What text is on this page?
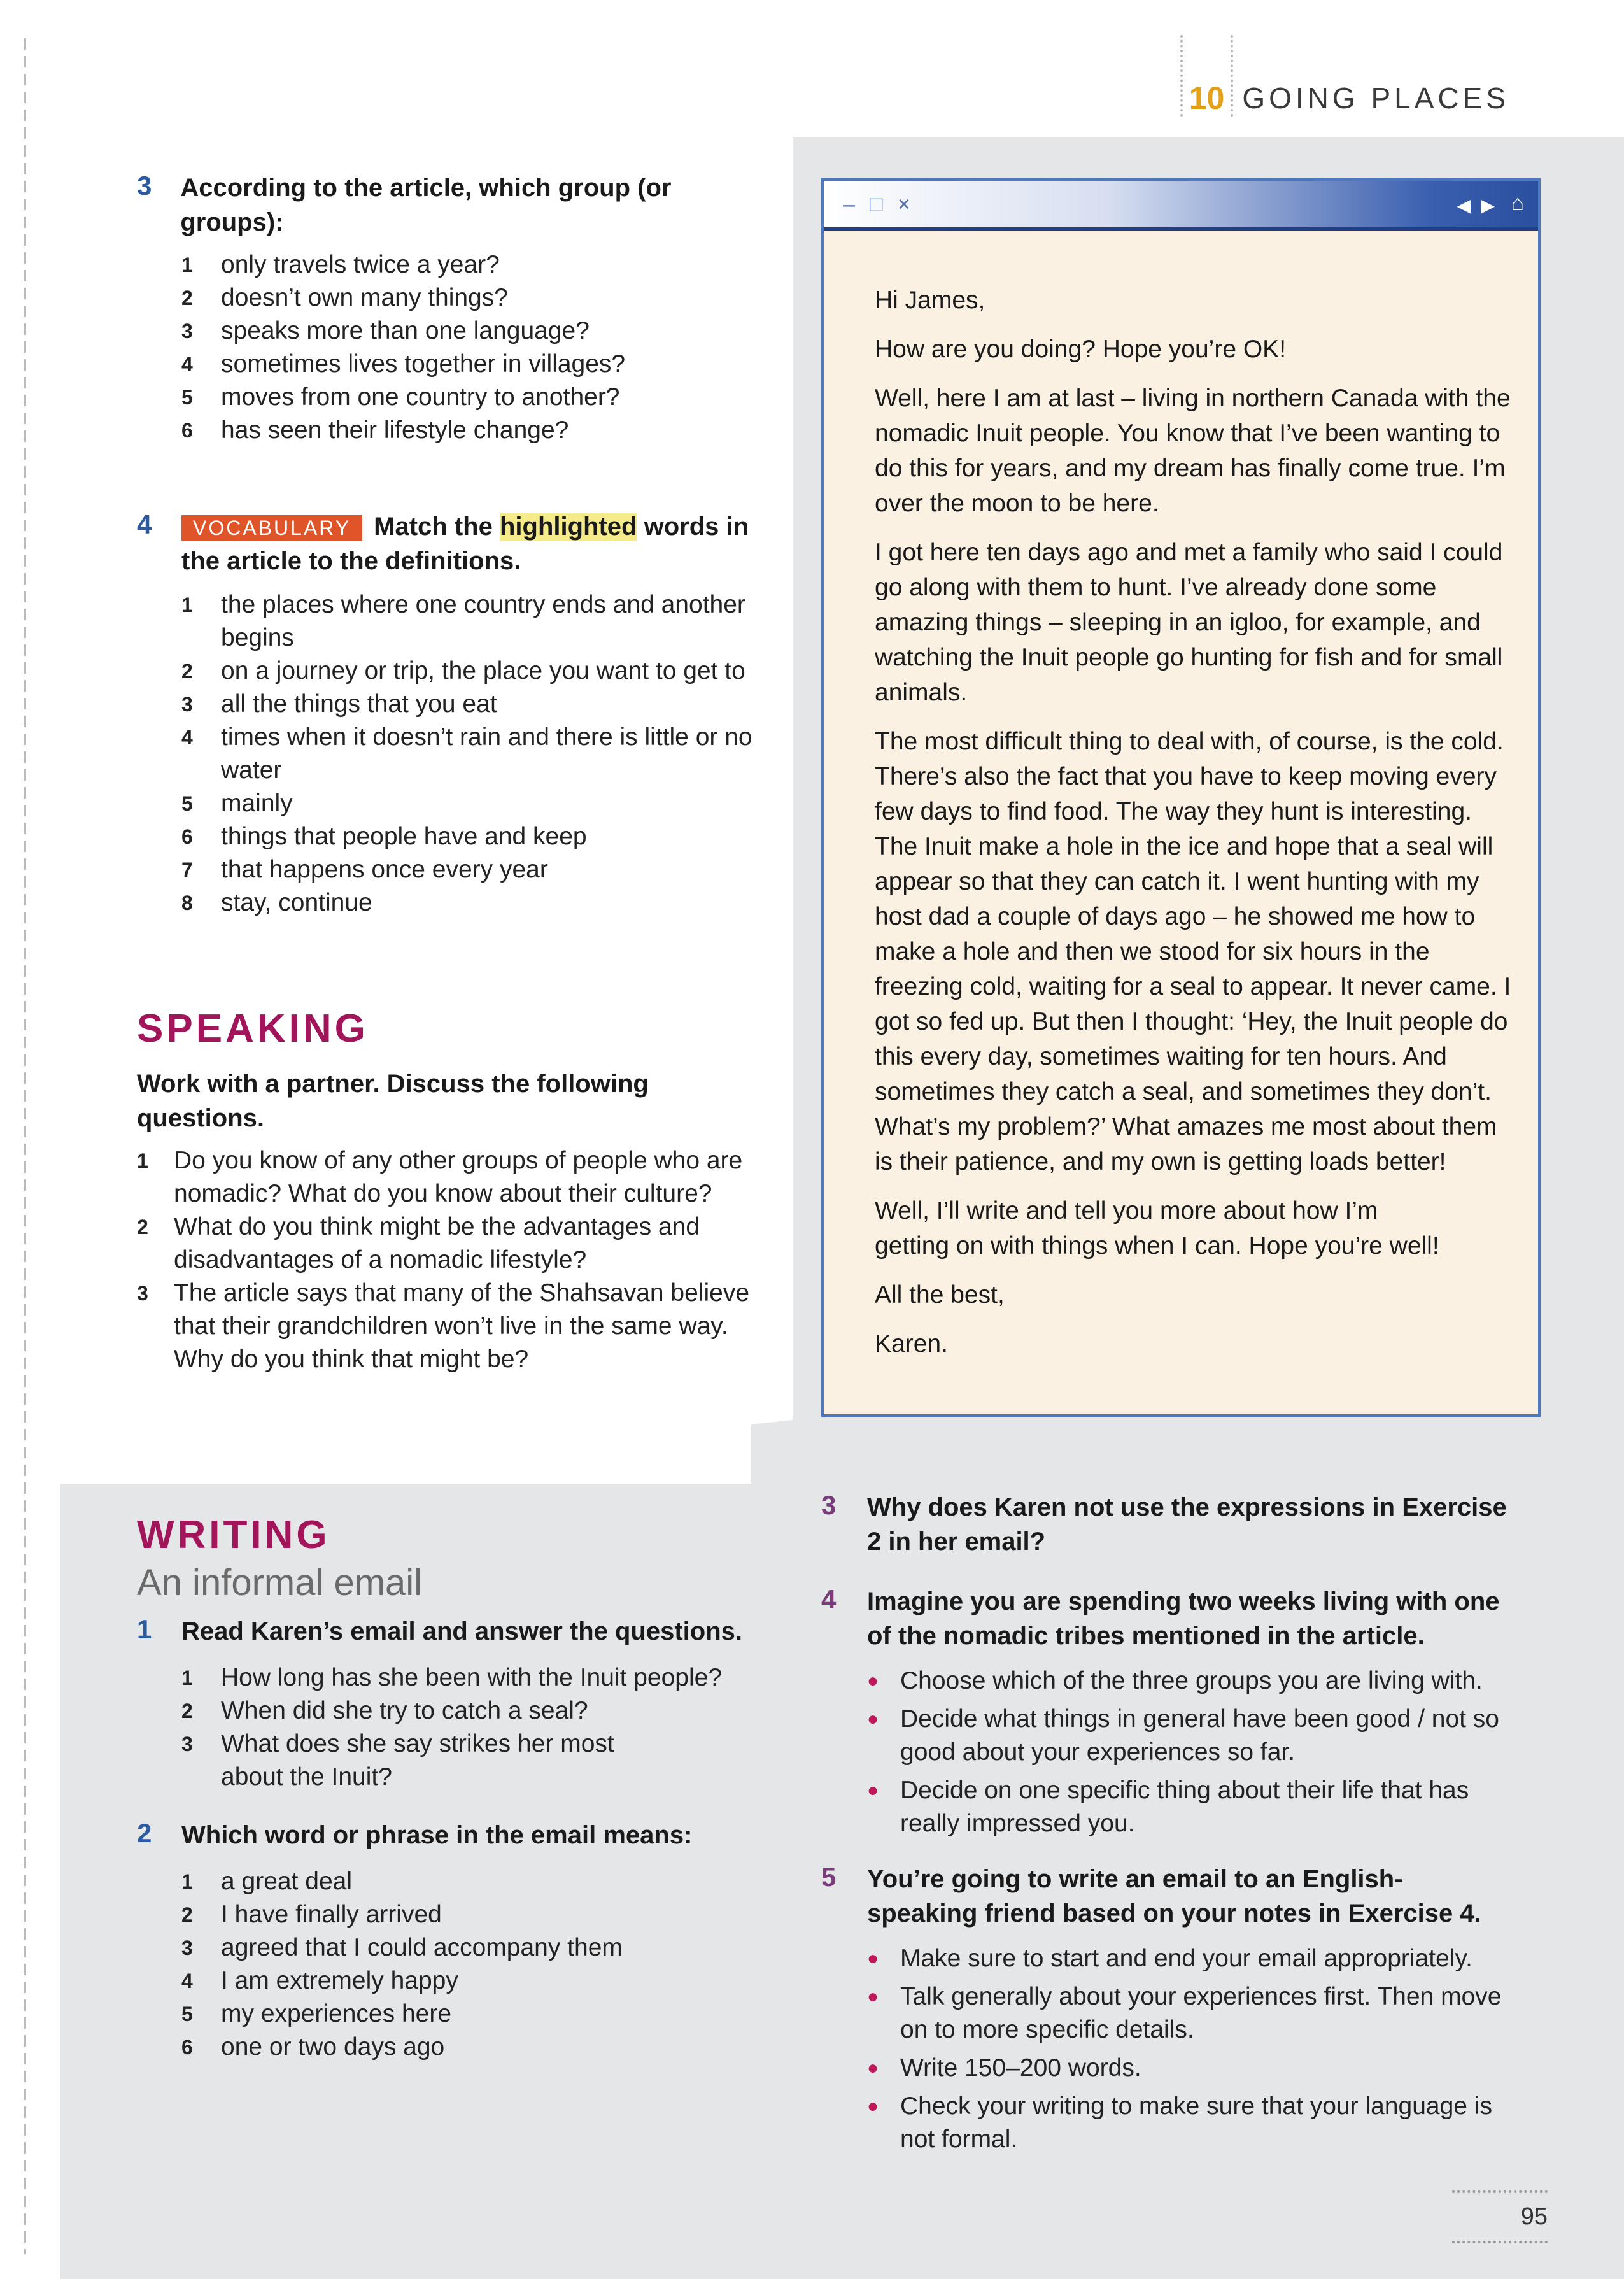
10 GOING PLACES
3	According to the article, which group (or groups):
1	only travels twice a year?
2	doesn’t own many things?
3	speaks more than one language?
4	sometimes lives together in villages?
5	moves from one country to another?
6	has seen their lifestyle change?
4	VOCABULARY Match the highlighted words in the article to the definitions.
1	the places where one country ends and another begins
2	on a journey or trip, the place you want to get to
3	all the things that you eat
4	times when it doesn’t rain and there is little or no water
5	mainly
6	things that people have and keep
7	that happens once every year
8	stay, continue
SPEAKING
Work with a partner. Discuss the following questions.
1	Do you know of any other groups of people who are nomadic? What do you know about their culture?
2	What do you think might be the advantages and disadvantages of a nomadic lifestyle?
3	The article says that many of the Shahsavan believe that their grandchildren won’t live in the same way. Why do you think that might be?
WRITING
An informal email
1	Read Karen’s email and answer the questions.
1	How long has she been with the Inuit people?
2	When did she try to catch a seal?
3	What does she say strikes her most about the Inuit?
2	Which word or phrase in the email means:
1	a great deal
2	I have finally arrived
3	agreed that I could accompany them
4	I am extremely happy
5	my experiences here
6	one or two days ago
– □ ×	◀ ▶ ⌂

Hi James,

How are you doing? Hope you’re OK!

Well, here I am at last – living in northern Canada with the nomadic Inuit people. You know that I’ve been wanting to do this for years, and my dream has finally come true. I’m over the moon to be here.

I got here ten days ago and met a family who said I could go along with them to hunt. I’ve already done some amazing things – sleeping in an igloo, for example, and watching the Inuit people go hunting for fish and for small animals.

The most difficult thing to deal with, of course, is the cold. There’s also the fact that you have to keep moving every few days to find food. The way they hunt is interesting. The Inuit make a hole in the ice and hope that a seal will appear so that they can catch it. I went hunting with my host dad a couple of days ago – he showed me how to make a hole and then we stood for six hours in the freezing cold, waiting for a seal to appear. It never came. I got so fed up. But then I thought: ‘Hey, the Inuit people do this every day, sometimes waiting for ten hours. And sometimes they catch a seal, and sometimes they don’t. What’s my problem?’ What amazes me most about them is their patience, and my own is getting loads better!

Well, I’ll write and tell you more about how I’m getting on with things when I can. Hope you’re well!

All the best,

Karen.

3	Why does Karen not use the expressions in Exercise 2 in her email?
4	Imagine you are spending two weeks living with one of the nomadic tribes mentioned in the article.
● Choose which of the three groups you are living with.
● Decide what things in general have been good / not so good about your experiences so far.
● Decide on one specific thing about their life that has really impressed you.
5	You’re going to write an email to an English-speaking friend based on your notes in Exercise 4.
● Make sure to start and end your email appropriately.
● Talk generally about your experiences first. Then move on to more specific details.
● Write 150–200 words.
● Check your writing to make sure that your language is not formal.
95
